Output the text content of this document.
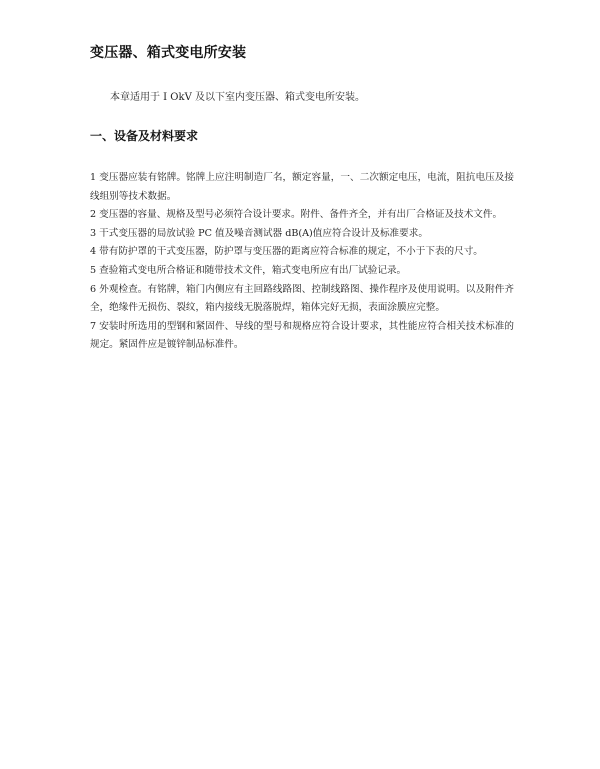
变压器、箱式变电所安装

本章适用于 I OkV 及以下室内变压器、箱式变电所安装。

一、设备及材料要求
1 变压器应装有铭牌。铭牌上应注明制造厂名，额定容量，一、二次额定电压，电流，阻抗电压及接线组别等技术数据。
2 变压器的容量、规格及型号必须符合设计要求。附件、备件齐全，并有出厂合格证及技术文件。
3 干式变压器的局放试验 PC 值及噪音测试器 dB(A)值应符合设计及标准要求。
4 带有防护罩的干式变压器，防护罩与变压器的距离应符合标准的规定，不小于下表的尺寸。
5 查验箱式变电所合格证和随带技术文件，箱式变电所应有出厂试验记录。
6 外观检查。有铭牌，箱门内侧应有主回路线路图、控制线路图、操作程序及使用说明。以及附件齐全，绝缘件无损伤、裂纹，箱内接线无脱落脱焊，箱体完好无损，表面涂膜应完整。
7 安装时所选用的型钢和紧固件、导线的型号和规格应符合设计要求，其性能应符合相关技术标准的规定。紧固件应是镀锌制品标准件。
